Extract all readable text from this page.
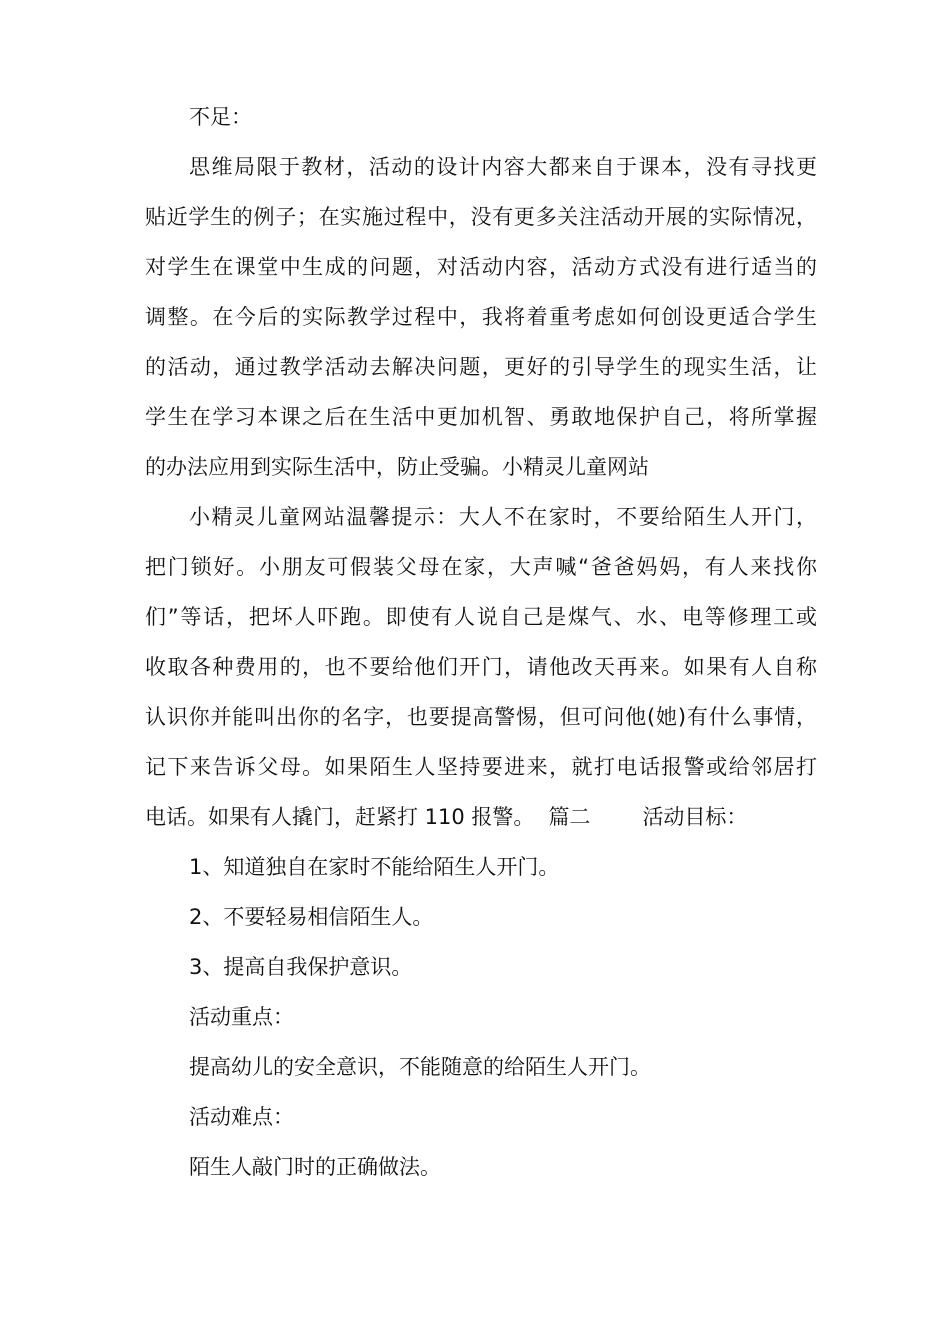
不足：

思维局限于教材，活动的设计内容大都来自于课本，没有寻找更
贴近学生的例子；在实施过程中，没有更多关注活动开展的实际情况，
对学生在课堂中生成的问题，对活动内容，活动方式没有进行适当的
调整。在今后的实际教学过程中，我将着重考虑如何创设更适合学生
的活动，通过教学活动去解决问题，更好的引导学生的现实生活，让
学生在学习本课之后在生活中更加机智、勇敢地保护自己，将所掌握
的办法应用到实际生活中，防止受骗。小精灵儿童网站
小精灵儿童网站温馨提示：大人不在家时，不要给陌生人开门，
把门锁好。小朋友可假装父母在家，大声喊“爸爸妈妈，有人来找你
们”等话，把坏人吓跑。即使有人说自己是煤气、水、电等修理工或
收取各种费用的，也不要给他们开门，请他改天再来。如果有人自称
认识你并能叫出你的名字，也要提高警惕，但可问他(她)有什么事情，
记下来告诉父母。如果陌生人坚持要进来，就打电话报警或给邻居打
电话。如果有人撬门，赶紧打 110 报警。 篇二 活动目标：

1、知道独自在家时不能给陌生人开门。

2、不要轻易相信陌生人。

3、提高自我保护意识。

活动重点：

提高幼儿的安全意识，不能随意的给陌生人开门。

活动难点：

陌生人敲门时的正确做法。
